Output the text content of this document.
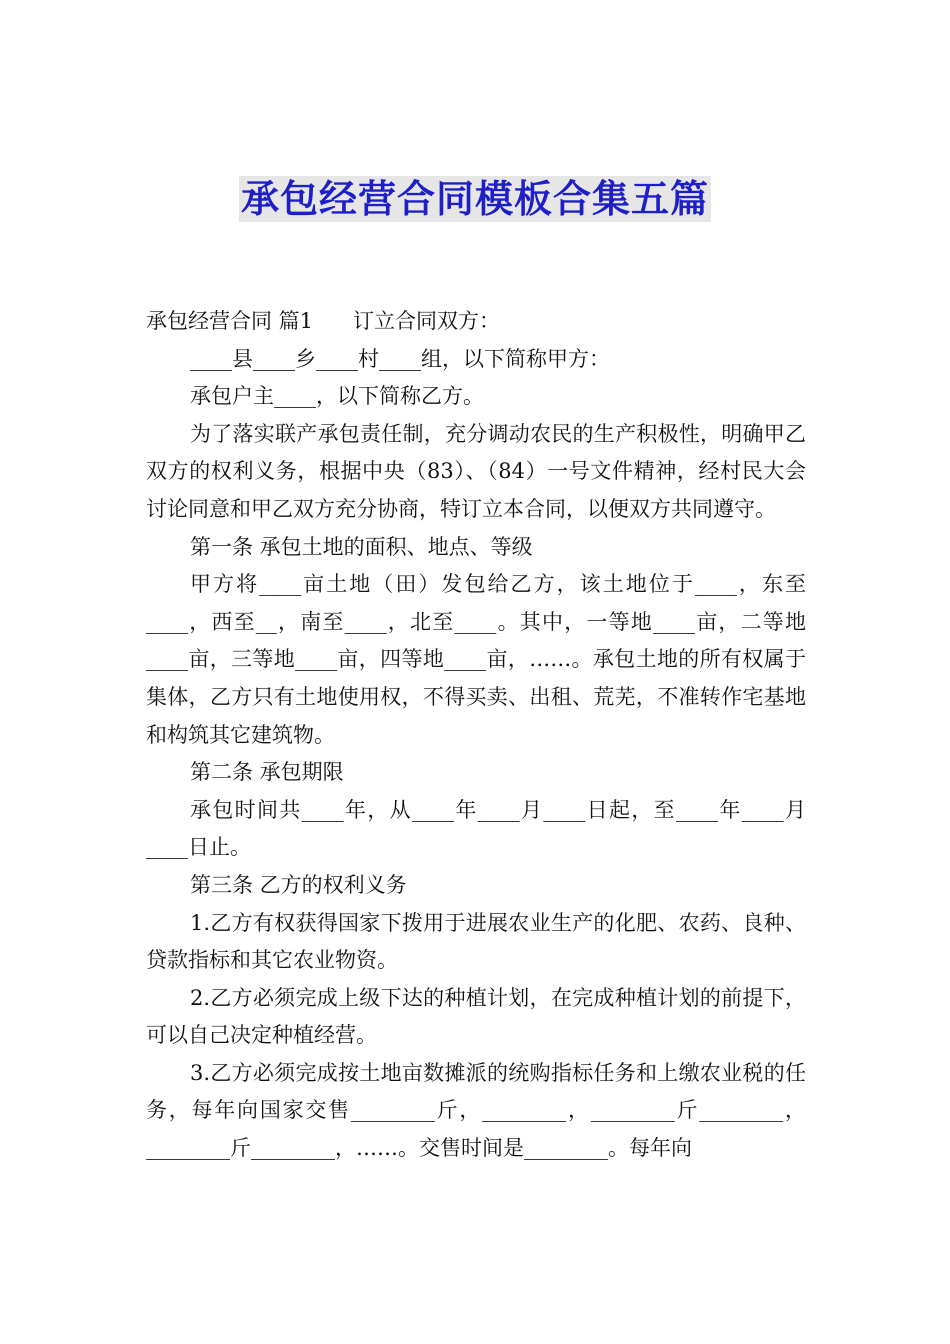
承包经营合同模板合集五篇

承包经营合同 篇1 订立合同双方：

____县____乡____村____组，以下简称甲方：

承包户主____，以下简称乙方。

为了落实联产承包责任制，充分调动农民的生产积极性，明确甲乙双方的权利义务，根据中央（83）、（84）一号文件精神，经村民大会讨论同意和甲乙双方充分协商，特订立本合同，以便双方共同遵守。

第一条 承包土地的面积、地点、等级

甲方将____亩土地（田）发包给乙方，该土地位于____，东至____，西至__，南至____，北至____。其中，一等地____亩，二等地____亩，三等地____亩，四等地____亩，……。承包土地的所有权属于集体，乙方只有土地使用权，不得买卖、出租、荒芜，不准转作宅基地和构筑其它建筑物。

第二条 承包期限

承包时间共____年，从____年____月____日起，至____年____月____日止。

第三条 乙方的权利义务

1.乙方有权获得国家下拨用于进展农业生产的化肥、农药、良种、贷款指标和其它农业物资。

2.乙方必须完成上级下达的种植计划，在完成种植计划的前提下，可以自己决定种植经营。

3.乙方必须完成按土地亩数摊派的统购指标任务和上缴农业税的任务，每年向国家交售________斤，________，________斤________，________斤________，……。交售时间是________。每年向
